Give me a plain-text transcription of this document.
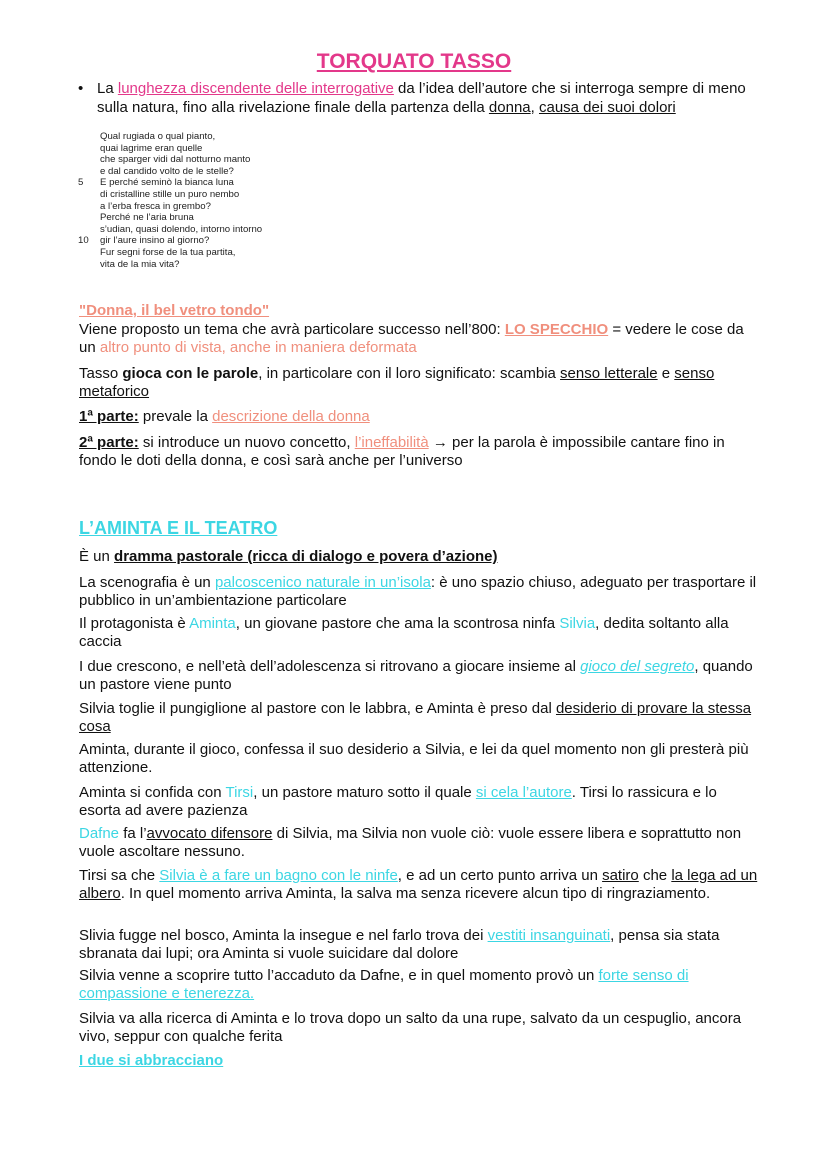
TORQUATO TASSO
• La lunghezza discendente delle interrogative da l’idea dell’autore che si interroga sempre di meno sulla natura, fino alla rivelazione finale della partenza della donna, causa dei suoi dolori
Qual rugiada o qual pianto,
quai lagrime eran quelle
che sparger vidi dal notturno manto
e dal candido volto de le stelle?
5 E perché seminò la bianca luna
di cristalline stille un puro nembo
a l’erba fresca in grembo?
Perché ne l’aria bruna
s’udian, quasi dolendo, intorno intorno
10 gir l’aure insino al giorno?
Fur segni forse de la tua partita,
vita de la mia vita?
"Donna, il bel vetro tondo"
Viene proposto un tema che avrà particolare successo nell’800: LO SPECCHIO = vedere le cose da un altro punto di vista, anche in maniera deformata
Tasso gioca con le parole, in particolare con il loro significato: scambia senso letterale e senso metaforico
1ª parte: prevale la descrizione della donna
2ª parte: si introduce un nuovo concetto, l’ineffabilità → per la parola è impossibile cantare fino in fondo le doti della donna, e così sarà anche per l’universo
L’AMINTA E IL TEATRO
È un dramma pastorale (ricca di dialogo e povera d’azione)
La scenografia è un palcoscenico naturale in un’isola: è uno spazio chiuso, adeguato per trasportare il pubblico in un’ambientazione particolare
Il protagonista è Aminta, un giovane pastore che ama la scontrosa ninfa Silvia, dedita soltanto alla caccia
I due crescono, e nell’età dell’adolescenza si ritrovano a giocare insieme al gioco del segreto, quando un pastore viene punto
Silvia toglie il pungiglione al pastore con le labbra, e Aminta è preso dal desiderio di provare la stessa cosa
Aminta, durante il gioco, confessa il suo desiderio a Silvia, e lei da quel momento non gli presterà più attenzione.
Aminta si confida con Tirsi, un pastore maturo sotto il quale si cela l’autore. Tirsi lo rassicura e lo esorta ad avere pazienza
Dafne fa l’avvocato difensore di Silvia, ma Silvia non vuole ciò: vuole essere libera e soprattutto non vuole ascoltare nessuno.
Tirsi sa che Silvia è a fare un bagno con le ninfe, e ad un certo punto arriva un satiro che la lega ad un albero. In quel momento arriva Aminta, la salva ma senza ricevere alcun tipo di ringraziamento.
Slivia fugge nel bosco, Aminta la insegue e nel farlo trova dei vestiti insanguinati, pensa sia stata sbranata dai lupi; ora Aminta si vuole suicidare dal dolore
Silvia venne a scoprire tutto l’accaduto da Dafne, e in quel momento provò un forte senso di compassione e tenerezza.
Silvia va alla ricerca di Aminta e lo trova dopo un salto da una rupe, salvato da un cespuglio, ancora vivo, seppur con qualche ferita
I due si abbracciano
